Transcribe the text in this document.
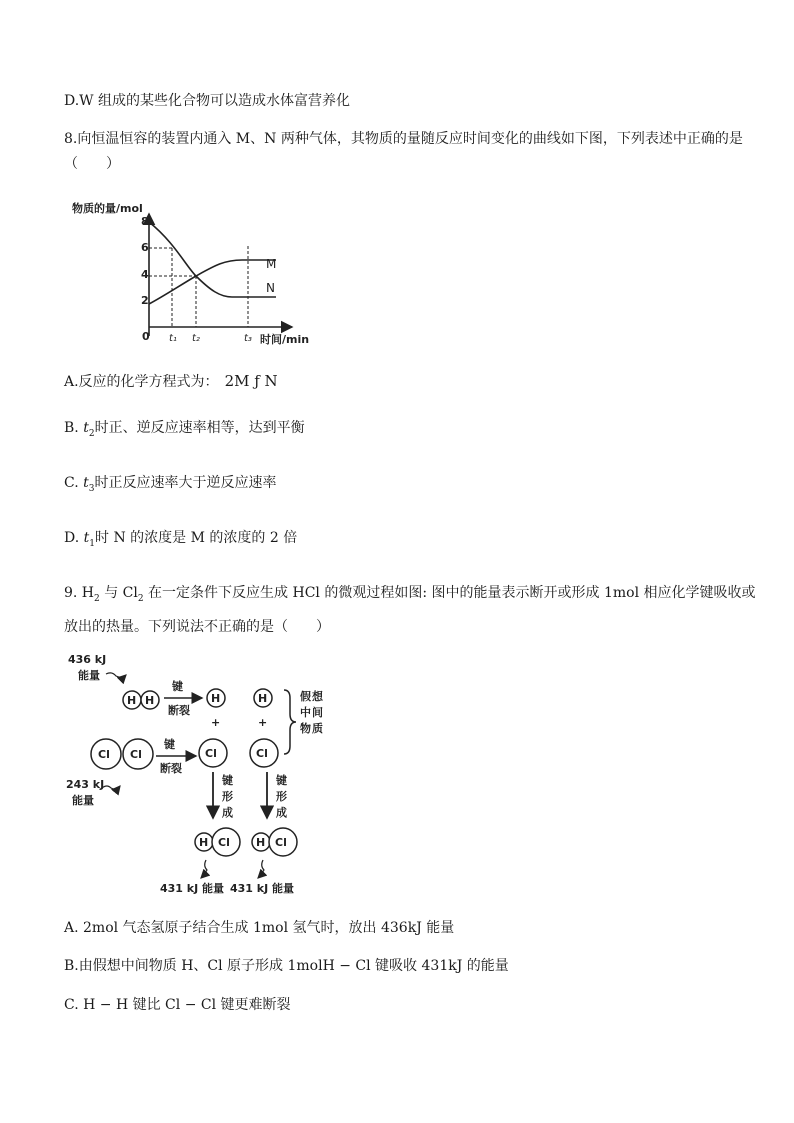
D.W 组成的某些化合物可以造成水体富营养化
8.向恒温恒容的装置内通入 M、N 两种气体，其物质的量随反应时间变化的曲线如下图，下列表述中正确的是
（　　）
物质的量/mol
时间/min
0
8
6
4
2
t₁ t₂	t₃
M
N
A.反应的化学方程式为： 2M ƒ N
B. $t_2$时正、逆反应速率相等，达到平衡
C. $t_3$时正反应速率大于逆反应速率
D. $t_1$时 N 的浓度是 M 的浓度的 2 倍
9. $H_2$ 与 $Cl_2$ 在一定条件下反应生成 HCl 的微观过程如图: 图中的能量表示断开或形成 1mol 相应化学键吸收或
放出的热量。下列说法不正确的是（　　）
436 kJ
能量
H H
键
断裂
H	H
+	+
假 想
中 间
物 质
Cl Cl
键
断裂
243 kJ
能量
Cl	Cl
键
形
成
键
形
成
H Cl H Cl
431 kJ 能量 431 kJ 能量
A. 2mol 气态氢原子结合生成 1mol 氢气时，放出 436kJ 能量
B.由假想中间物质 H、Cl 原子形成 1molH − Cl 键吸收 431kJ 的能量
C. H − H 键比 Cl − Cl 键更难断裂
